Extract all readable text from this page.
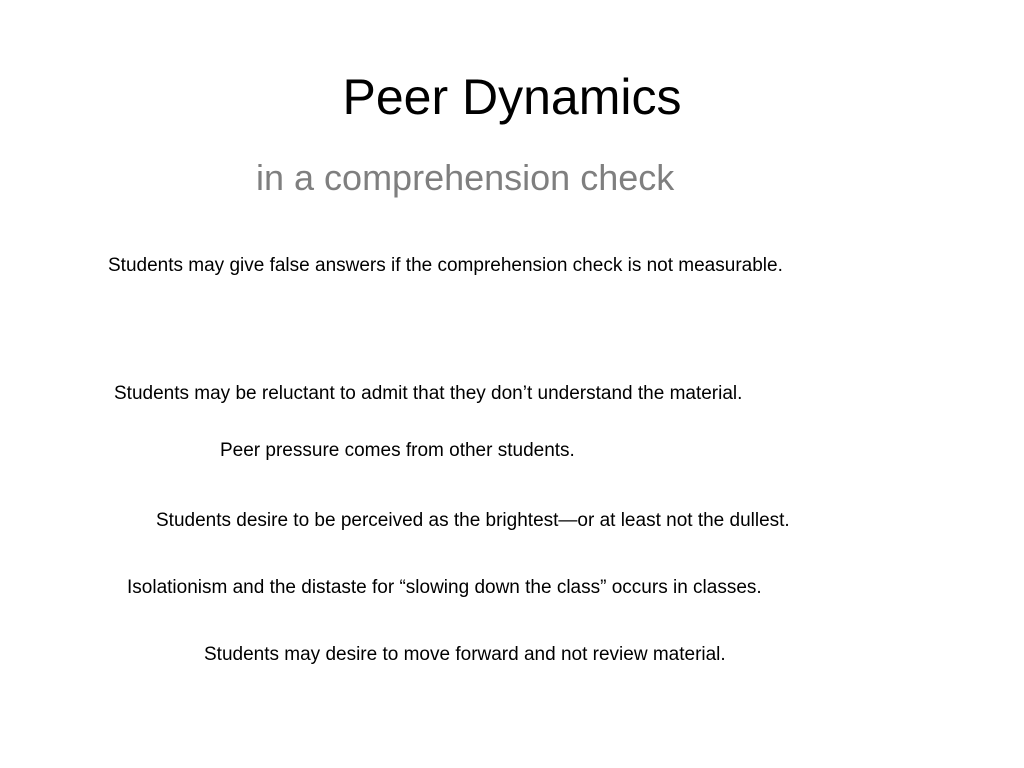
Peer Dynamics
in a comprehension check
Students may give false answers if the comprehension check is not measurable.
Students may be reluctant to admit that they don’t understand the material.
Peer pressure comes from other students.
Students desire to be perceived as the brightest—or at least not the dullest.
Isolationism and the distaste for “slowing down the class” occurs in classes.
Students may desire to move forward and not review material.
